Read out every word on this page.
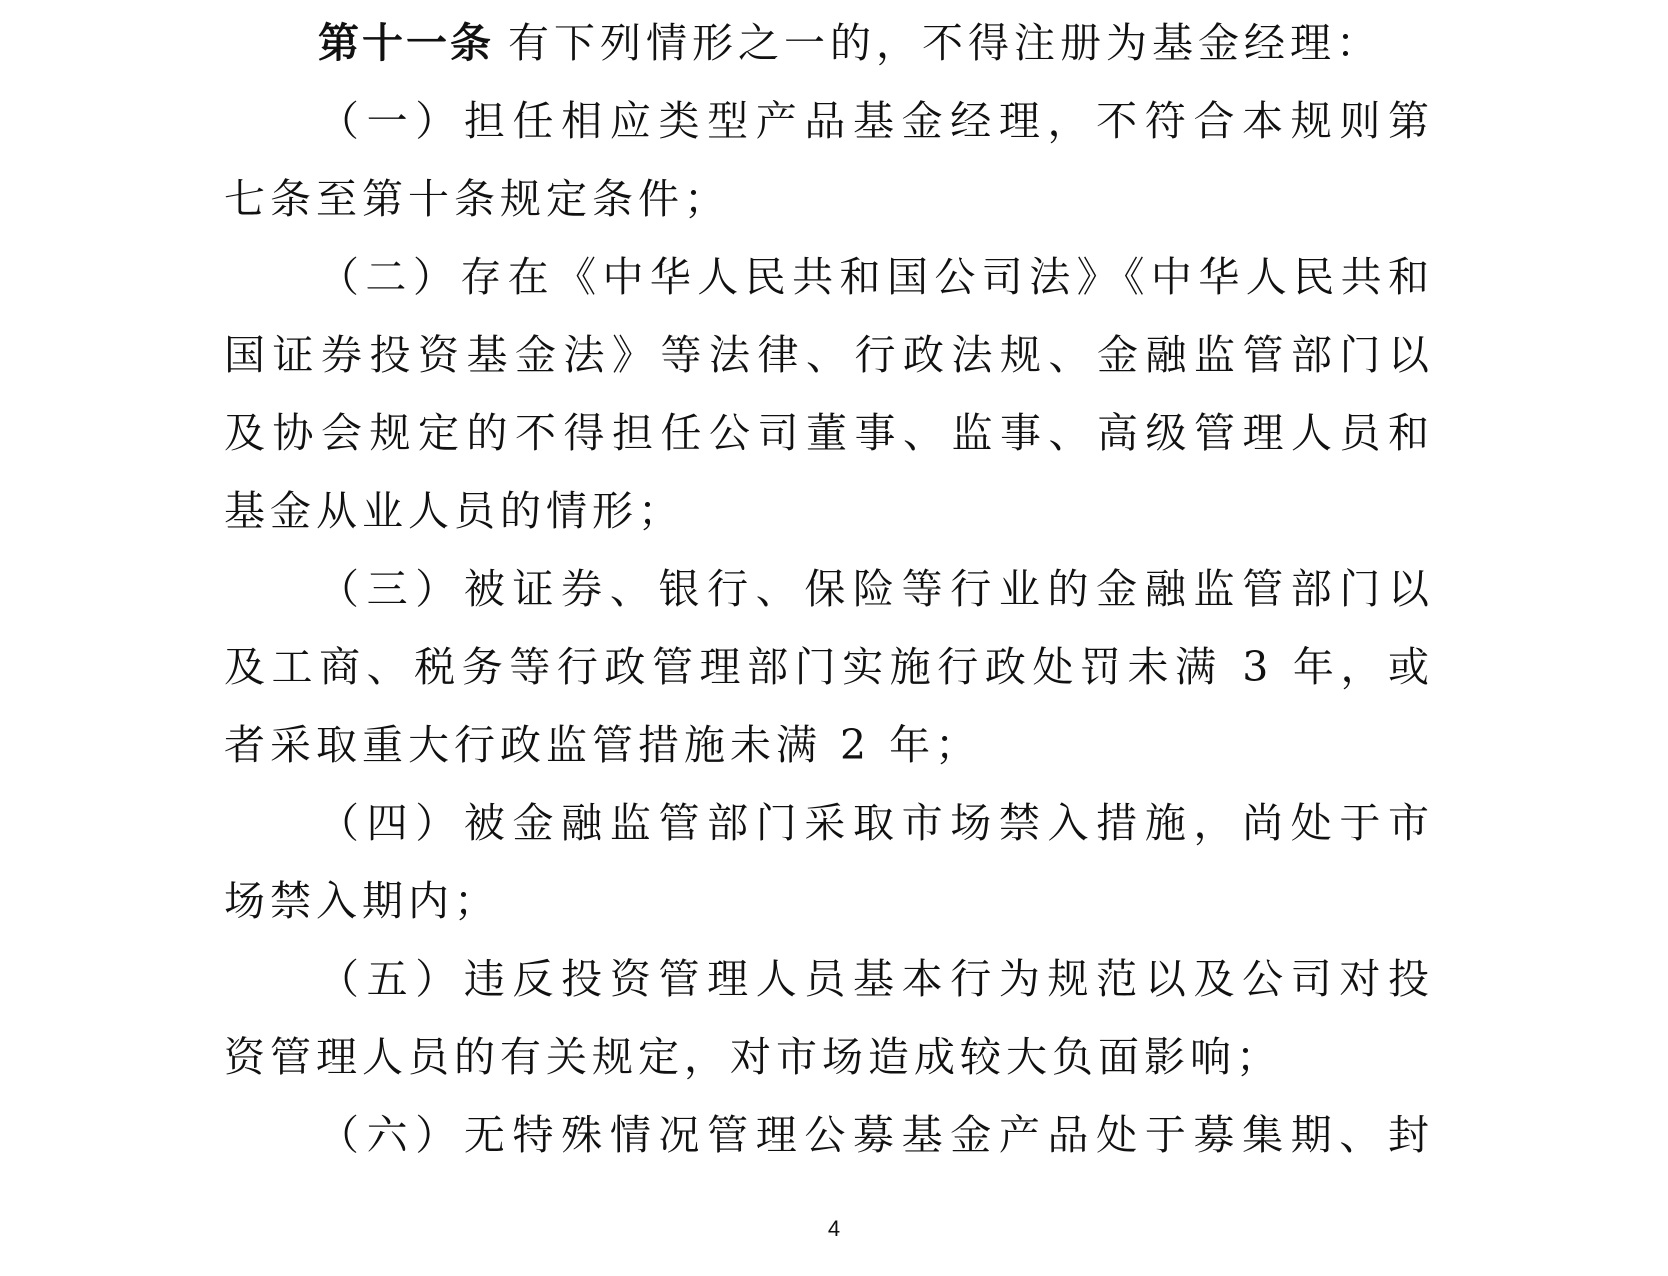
第十一条 有下列情形之一的，不得注册为基金经理：
（一）担任相应类型产品基金经理，不符合本规则第
七条至第十条规定条件；
（二）存在《中华人民共和国公司法》《中华人民共和
国证券投资基金法》等法律、行政法规、金融监管部门以
及协会规定的不得担任公司董事、监事、高级管理人员和
基金从业人员的情形；
（三）被证券、银行、保险等行业的金融监管部门以
及工商、税务等行政管理部门实施行政处罚未满 3 年，或
者采取重大行政监管措施未满 2 年；
（四）被金融监管部门采取市场禁入措施，尚处于市
场禁入期内；
（五）违反投资管理人员基本行为规范以及公司对投
资管理人员的有关规定，对市场造成较大负面影响；
（六）无特殊情况管理公募基金产品处于募集期、封
4
